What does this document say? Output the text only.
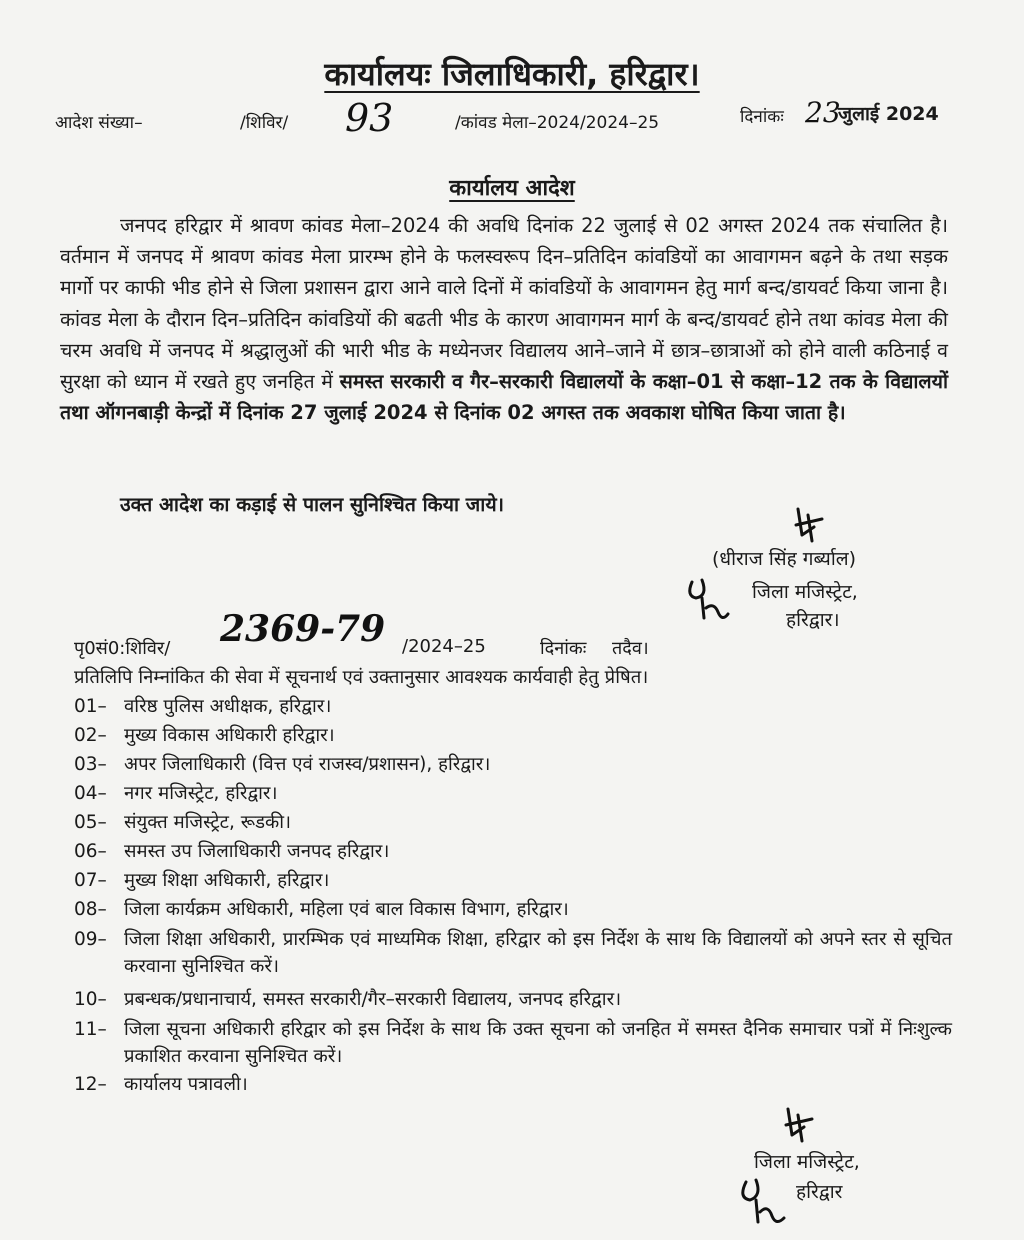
कार्यालयः जिलाधिकारी, हरिद्वार।
आदेश संख्या–	/शिविर/ 93	/कांवड मेला–2024/2024–25	दिनांकः 23
जुलाई 2024
कार्यालय आदेश
जनपद हरिद्वार में श्रावण कांवड मेला–2024 की अवधि दिनांक 22 जुलाई से 02 अगस्त 2024 तक संचालित है। वर्तमान में जनपद में श्रावण कांवड मेला प्रारम्भ होने के फलस्वरूप दिन–प्रतिदिन कांवडियों का आवागमन बढ़ने के तथा सड़क मार्गो पर काफी भीड होने से जिला प्रशासन द्वारा आने वाले दिनों में कांवडियों के आवागमन हेतु मार्ग बन्द/डायवर्ट किया जाना है। कांवड मेला के दौरान दिन–प्रतिदिन कांवडियों की बढती भीड के कारण आवागमन मार्ग के बन्द/डायवर्ट होने तथा कांवड मेला की चरम अवधि में जनपद में श्रद्धालुओं की भारी भीड के मध्येनजर विद्यालय आने–जाने में छात्र–छात्राओं को होने वाली कठिनाई व सुरक्षा को ध्यान में रखते हुए जनहित में समस्त सरकारी व गैर–सरकारी विद्यालयों के कक्षा–01 से कक्षा–12 तक के विद्यालयों तथा ऑगनबाड़ी केन्द्रों में दिनांक 27 जुलाई 2024 से दिनांक 02 अगस्त तक अवकाश घोषित किया जाता है।
उक्त आदेश का कड़ाई से पालन सुनिश्चित किया जाये।
(धीराज सिंह गर्ब्याल)
जिला मजिस्ट्रेट,
हरिद्वार।
पृ0सं0:शिविर/ 2369-79 /2024–25	दिनांकः तदैव।
प्रतिलिपि निम्नांकित की सेवा में सूचनार्थ एवं उक्तानुसार आवश्यक कार्यवाही हेतु प्रेषित।
01– वरिष्ठ पुलिस अधीक्षक, हरिद्वार।
02– मुख्य विकास अधिकारी हरिद्वार।
03– अपर जिलाधिकारी (वित्त एवं राजस्व/प्रशासन), हरिद्वार।
04– नगर मजिस्ट्रेट, हरिद्वार।
05– संयुक्त मजिस्ट्रेट, रूडकी।
06– समस्त उप जिलाधिकारी जनपद हरिद्वार।
07– मुख्य शिक्षा अधिकारी, हरिद्वार।
08– जिला कार्यक्रम अधिकारी, महिला एवं बाल विकास विभाग, हरिद्वार।
09– जिला शिक्षा अधिकारी, प्रारम्भिक एवं माध्यमिक शिक्षा, हरिद्वार को इस निर्देश के साथ कि विद्यालयों को अपने स्तर से सूचित करवाना सुनिश्चित करें।
10– प्रबन्धक/प्रधानाचार्य, समस्त सरकारी/गैर–सरकारी विद्यालय, जनपद हरिद्वार।
11– जिला सूचना अधिकारी हरिद्वार को इस निर्देश के साथ कि उक्त सूचना को जनहित में समस्त दैनिक समाचार पत्रों में निःशुल्क प्रकाशित करवाना सुनिश्चित करें।
12– कार्यालय पत्रावली।
जिला मजिस्ट्रेट,
हरिद्वार
